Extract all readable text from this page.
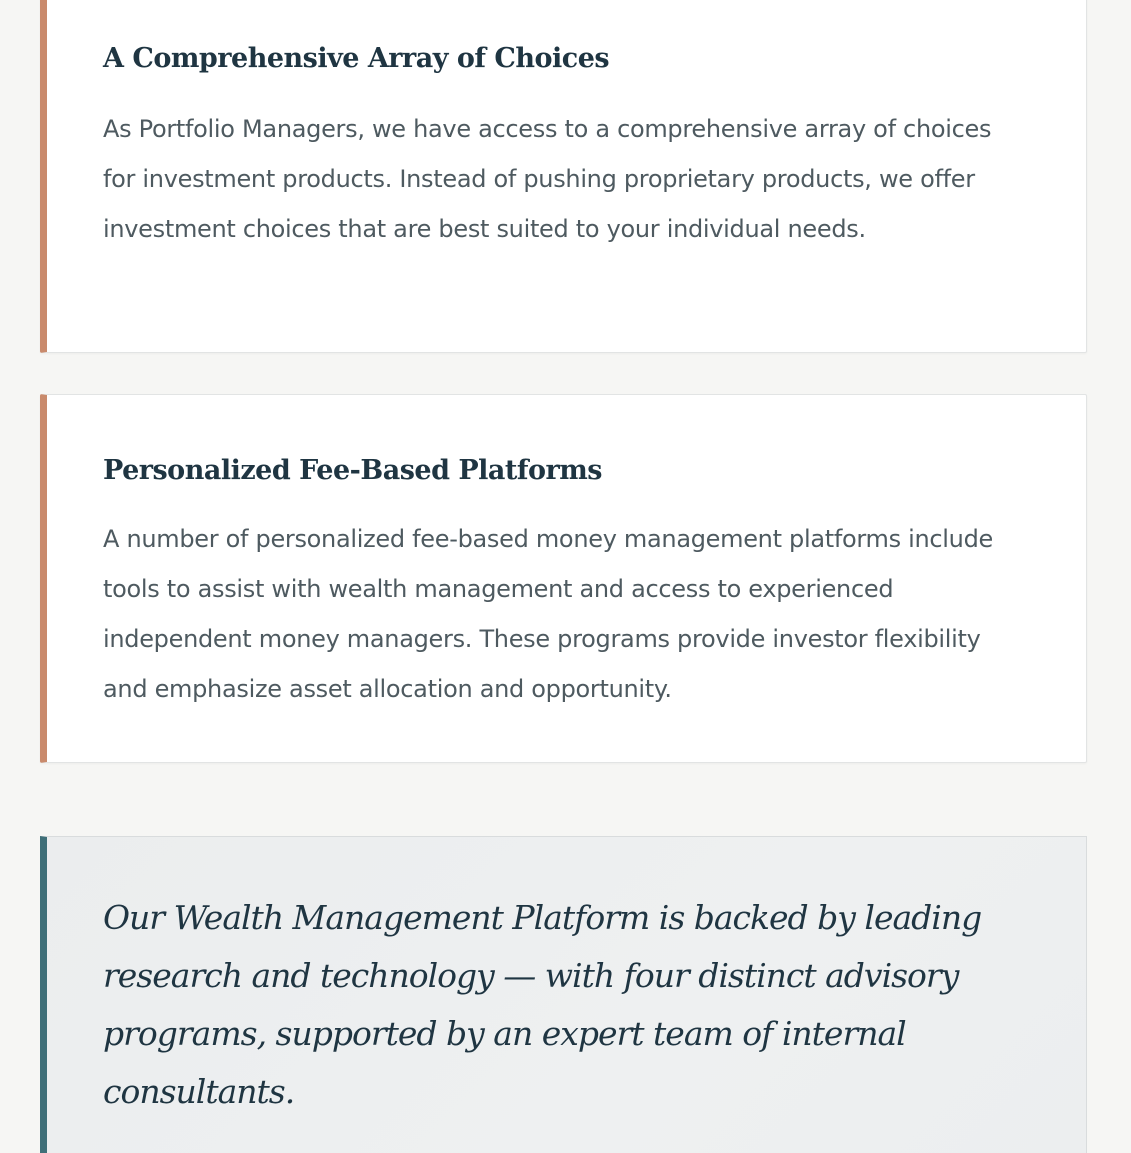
A Comprehensive Array of Choices

As Portfolio Managers, we have access to a comprehensive array of choices for investment products. Instead of pushing proprietary products, we offer investment choices that are best suited to your individual needs.

Personalized Fee-Based Platforms

A number of personalized fee-based money management platforms include tools to assist with wealth management and access to experienced independent money managers. These programs provide investor flexibility and emphasize asset allocation and opportunity.

Our Wealth Management Platform is backed by leading research and technology — with four distinct advisory programs, supported by an expert team of internal consultants.
